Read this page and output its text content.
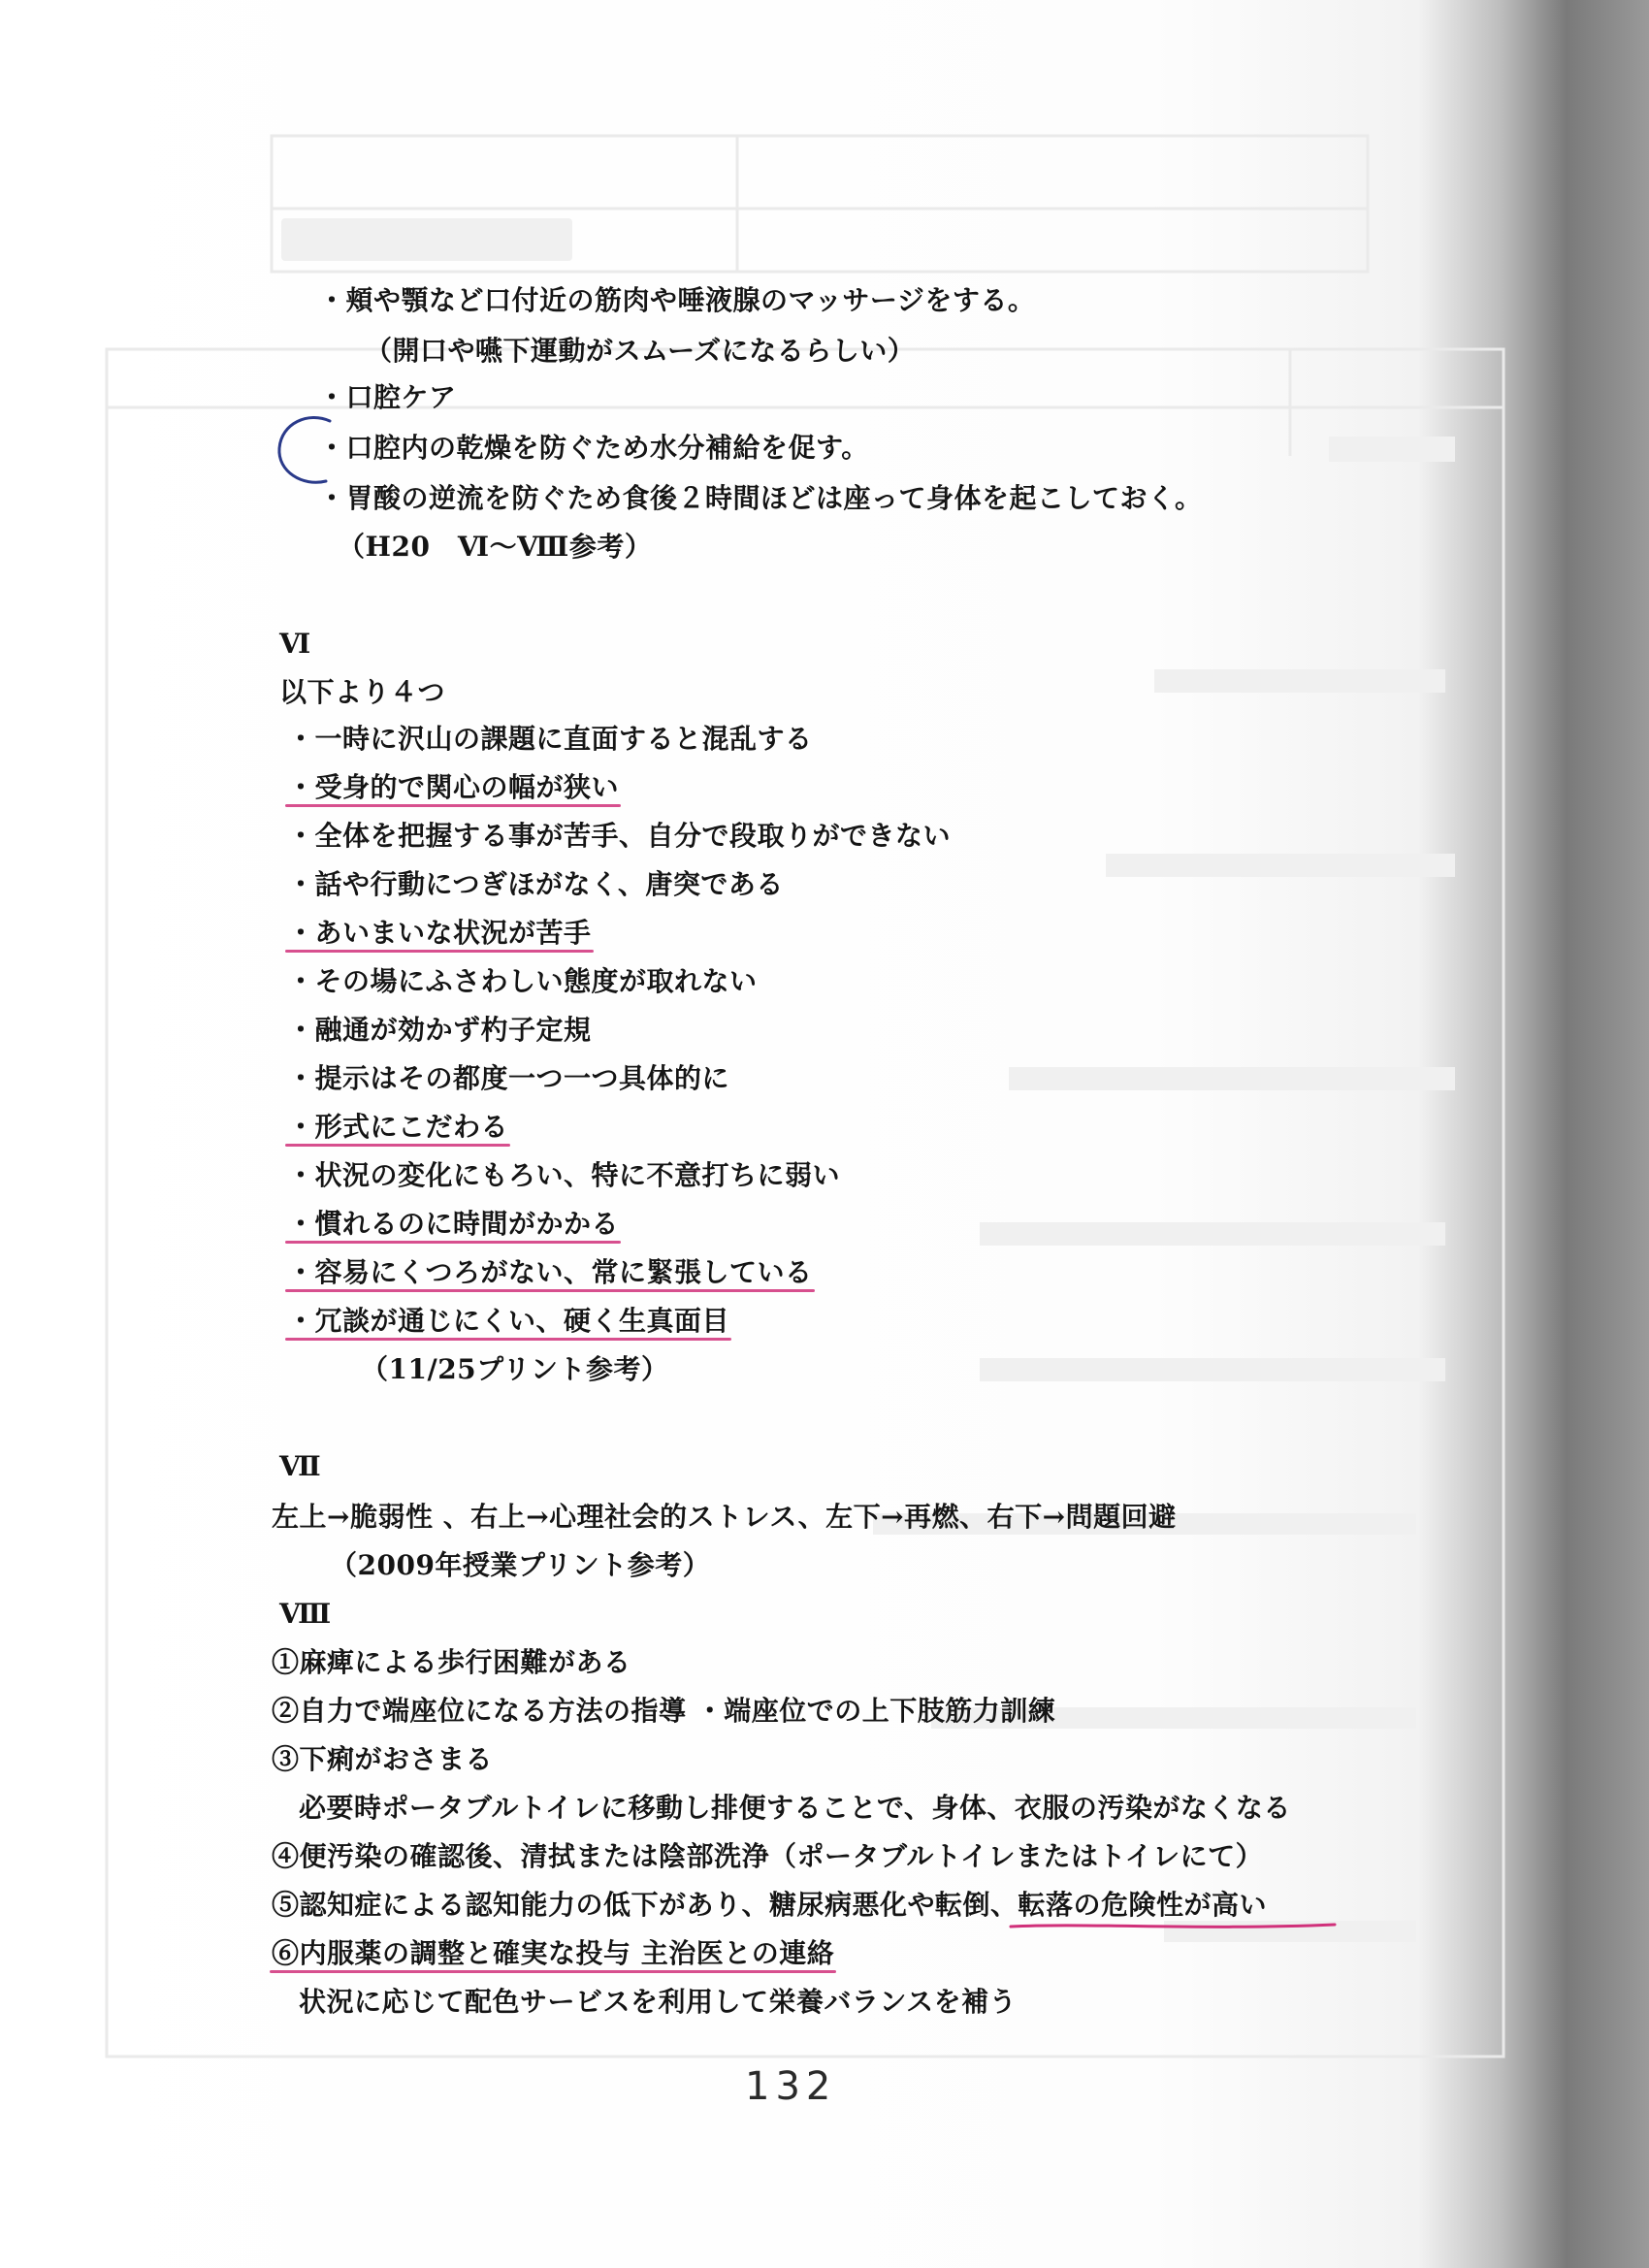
・頬や顎など口付近の筋肉や唾液腺のマッサージをする。
（開口や嚥下運動がスムーズになるらしい）
・口腔ケア
・口腔内の乾燥を防ぐため水分補給を促す。
・胃酸の逆流を防ぐため食後２時間ほどは座って身体を起こしておく。
（H20　Ⅵ～Ⅷ参考）
Ⅵ
以下より４つ
・一時に沢山の課題に直面すると混乱する
・受身的で関心の幅が狭い
・全体を把握する事が苦手、自分で段取りができない
・話や行動につぎほがなく、唐突である
・あいまいな状況が苦手
・その場にふさわしい態度が取れない
・融通が効かず杓子定規
・提示はその都度一つ一つ具体的に
・形式にこだわる
・状況の変化にもろい、特に不意打ちに弱い
・慣れるのに時間がかかる
・容易にくつろがない、常に緊張している
・冗談が通じにくい、硬く生真面目
（11/25プリント参考）
Ⅶ
左上→脆弱性 、右上→心理社会的ストレス、左下→再燃、右下→問題回避
（2009年授業プリント参考）
Ⅷ
①麻痺による歩行困難がある
②自力で端座位になる方法の指導 ・端座位での上下肢筋力訓練
③下痢がおさまる
必要時ポータブルトイレに移動し排便することで、身体、衣服の汚染がなくなる
④便汚染の確認後、清拭または陰部洗浄（ポータブルトイレまたはトイレにて）
⑤認知症による認知能力の低下があり、糖尿病悪化や転倒、転落の危険性が高い
⑥内服薬の調整と確実な投与 主治医との連絡
状況に応じて配色サービスを利用して栄養バランスを補う
132
